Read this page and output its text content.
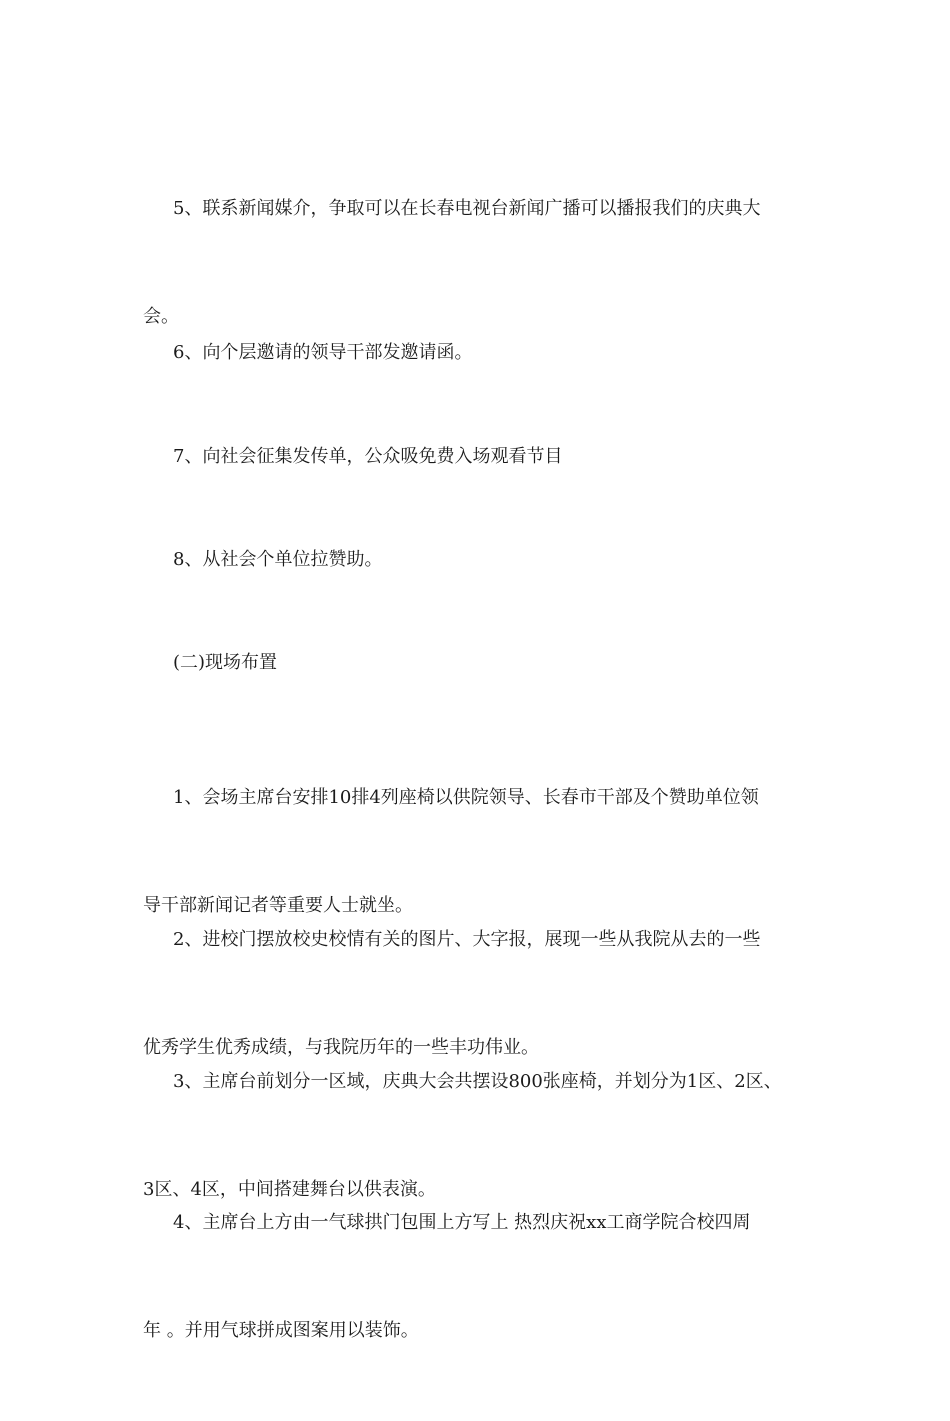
5、联系新闻媒介，争取可以在长春电视台新闻广播可以播报我们的庆典大

会。

6、向个层邀请的领导干部发邀请函。

7、向社会征集发传单，公众吸免费入场观看节目

8、从社会个单位拉赞助。

(二)现场布置

1、会场主席台安排10排4列座椅以供院领导、长春市干部及个赞助单位领

导干部新闻记者等重要人士就坐。

2、进校门摆放校史校情有关的图片、大字报，展现一些从我院从去的一些

优秀学生优秀成绩，与我院历年的一些丰功伟业。

3、主席台前划分一区域，庆典大会共摆设800张座椅，并划分为1区、2区、

3区、4区，中间搭建舞台以供表演。

4、主席台上方由一气球拱门包围上方写上 热烈庆祝xx工商学院合校四周

年 。并用气球拼成图案用以装饰。
